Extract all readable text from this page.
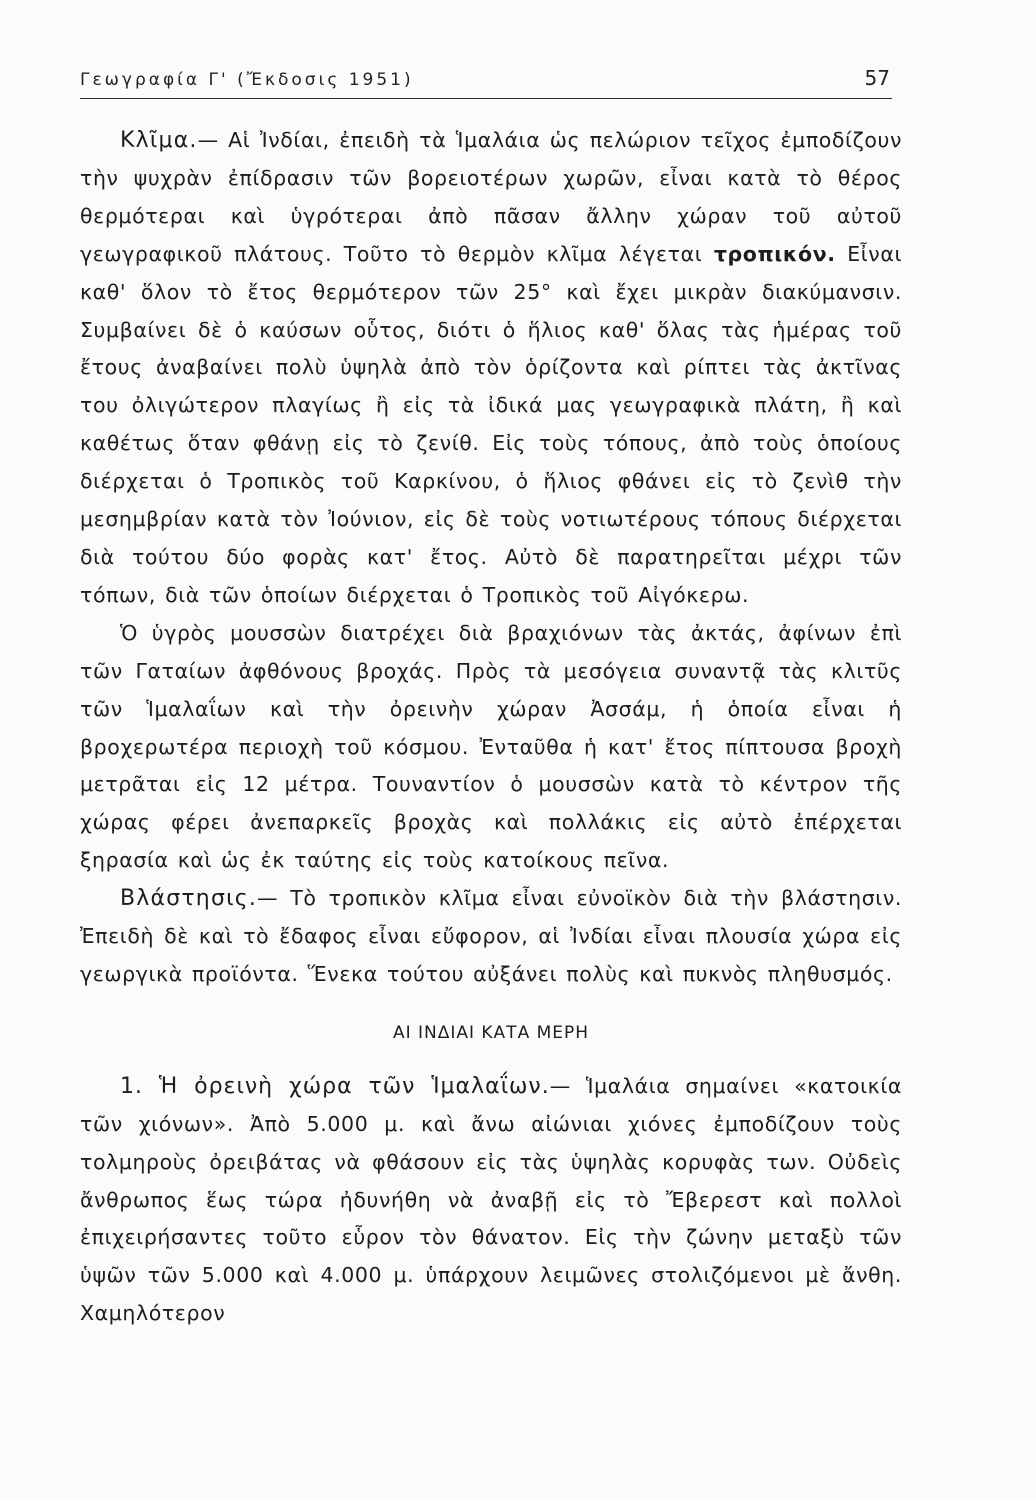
Γεωγραφία Γ' (Ἔκδοσις 1951)	57

Κλῖμα.— Αἱ Ἰνδίαι, ἐπειδὴ τὰ Ἱμαλάια ὡς πελώριον τεῖχος ἐμποδίζουν τὴν ψυχρὰν ἐπίδρασιν τῶν βορειοτέρων χωρῶν, εἶναι κατὰ τὸ θέρος θερμότεραι καὶ ὑγρότεραι ἀπὸ πᾶσαν ἄλλην χώραν τοῦ αὐτοῦ γεωγραφικοῦ πλάτους. Τοῦτο τὸ θερμὸν κλῖμα λέγεται τροπικόν. Εἶναι καθ' ὅλον τὸ ἔτος θερμότερον τῶν 25° καὶ ἔχει μικρὰν διακύμανσιν. Συμβαίνει δὲ ὁ καύσων οὗτος, διότι ὁ ἥλιος καθ' ὅλας τὰς ἡμέρας τοῦ ἔτους ἀναβαίνει πολὺ ὑψηλὰ ἀπὸ τὸν ὁρίζοντα καὶ ρίπτει τὰς ἀκτῖνας του ὀλιγώτερον πλαγίως ἢ εἰς τὰ ἰδικά μας γεωγραφικὰ πλάτη, ἢ καὶ καθέτως ὅταν φθάνῃ εἰς τὸ ζενίθ. Εἰς τοὺς τόπους, ἀπὸ τοὺς ὁποίους διέρχεται ὁ Τροπικὸς τοῦ Καρκίνου, ὁ ἥλιος φθάνει εἰς τὸ ζενὶθ τὴν μεσημβρίαν κατὰ τὸν Ἰούνιον, εἰς δὲ τοὺς νοτιωτέρους τόπους διέρχεται διὰ τούτου δύο φορὰς κατ' ἔτος. Αὐτὸ δὲ παρατηρεῖται μέχρι τῶν τόπων, διὰ τῶν ὁποίων διέρχεται ὁ Τροπικὸς τοῦ Αἰγόκερω.

Ὁ ὑγρὸς μουσσὼν διατρέχει διὰ βραχιόνων τὰς ἀκτάς, ἀφίνων ἐπὶ τῶν Γαταίων ἀφθόνους βροχάς. Πρὸς τὰ μεσόγεια συναντᾷ τὰς κλιτῦς τῶν Ἱμαλαΐων καὶ τὴν ὀρεινὴν χώραν Ἀσσάμ, ἡ ὁποία εἶναι ἡ βροχερωτέρα περιοχὴ τοῦ κόσμου. Ἐνταῦθα ἡ κατ' ἔτος πίπτουσα βροχὴ μετρᾶται εἰς 12 μέτρα. Τουναντίον ὁ μουσσὼν κατὰ τὸ κέντρον τῆς χώρας φέρει ἀνεπαρκεῖς βροχὰς καὶ πολλάκις εἰς αὐτὸ ἐπέρχεται ξηρασία καὶ ὡς ἐκ ταύτης εἰς τοὺς κατοίκους πεῖνα.

Βλάστησις.— Τὸ τροπικὸν κλῖμα εἶναι εὐνοϊκὸν διὰ τὴν βλάστησιν. Ἐπειδὴ δὲ καὶ τὸ ἔδαφος εἶναι εὔφορον, αἱ Ἰνδίαι εἶναι πλουσία χώρα εἰς γεωργικὰ προϊόντα. Ἕνεκα τούτου αὐξάνει πολὺς καὶ πυκνὸς πληθυσμός.

ΑΙ ΙΝΔΙΑΙ ΚΑΤΑ ΜΕΡΗ

1. Ἡ ὀρεινὴ χώρα τῶν Ἱμαλαΐων.— Ἱμαλάια σημαίνει «κατοικία τῶν χιόνων». Ἀπὸ 5.000 μ. καὶ ἄνω αἰώνιαι χιόνες ἐμποδίζουν τοὺς τολμηροὺς ὀρειβάτας νὰ φθάσουν εἰς τὰς ὑψηλὰς κορυφὰς των. Οὐδεὶς ἄνθρωπος ἕως τώρα ἠδυνήθη νὰ ἀναβῇ εἰς τὸ Ἔβερεστ καὶ πολλοὶ ἐπιχειρήσαντες τοῦτο εὗρον τὸν θάνατον. Εἰς τὴν ζώνην μεταξὺ τῶν ὑψῶν τῶν 5.000 καὶ 4.000 μ. ὑπάρχουν λειμῶνες στολιζόμενοι μὲ ἄνθη. Χαμηλότερον
